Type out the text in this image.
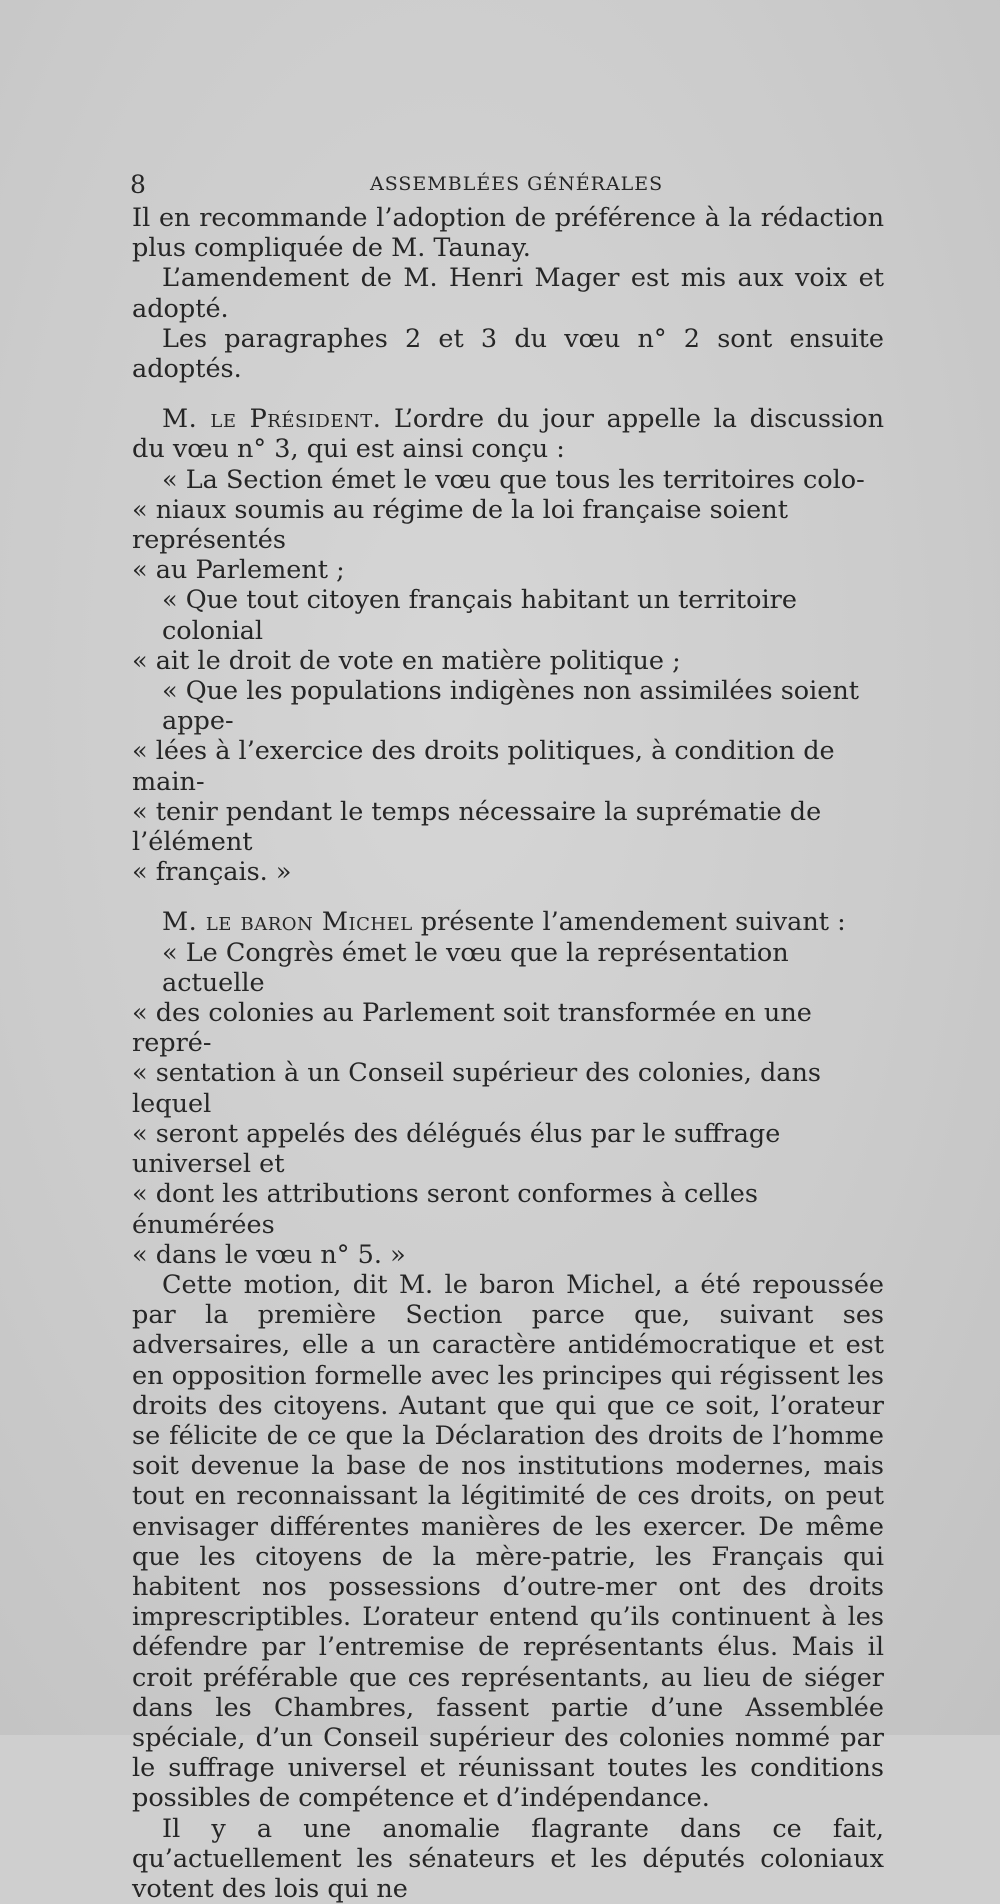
8	ASSEMBLÉES GÉNÉRALES

Il en recommande l’adoption de préférence à la rédaction plus compliquée de M. Taunay.

L’amendement de M. Henri Mager est mis aux voix et adopté.

Les paragraphes 2 et 3 du vœu n° 2 sont ensuite adoptés.

M. le Président. L’ordre du jour appelle la discussion du vœu n° 3, qui est ainsi conçu :

« La Section émet le vœu que tous les territoires colo-
« niaux soumis au régime de la loi française soient représentés
« au Parlement ;
« Que tout citoyen français habitant un territoire colonial
« ait le droit de vote en matière politique ;
« Que les populations indigènes non assimilées soient appe-
« lées à l’exercice des droits politiques, à condition de main-
« tenir pendant le temps nécessaire la suprématie de l’élément
« français. »

M. le baron Michel présente l’amendement suivant :

« Le Congrès émet le vœu que la représentation actuelle
« des colonies au Parlement soit transformée en une repré-
« sentation à un Conseil supérieur des colonies, dans lequel
« seront appelés des délégués élus par le suffrage universel et
« dont les attributions seront conformes à celles énumérées
« dans le vœu n° 5. »

Cette motion, dit M. le baron Michel, a été repoussée par la première Section parce que, suivant ses adversaires, elle a un caractère antidémocratique et est en opposition formelle avec les principes qui régissent les droits des citoyens. Autant que qui que ce soit, l’orateur se félicite de ce que la Déclaration des droits de l’homme soit devenue la base de nos institutions modernes, mais tout en reconnaissant la légitimité de ces droits, on peut envisager différentes manières de les exercer. De même que les citoyens de la mère-patrie, les Français qui habitent nos possessions d’outre-mer ont des droits imprescriptibles. L’orateur entend qu’ils continuent à les défendre par l’entremise de représentants élus. Mais il croit préférable que ces représentants, au lieu de siéger dans les Chambres, fassent partie d’une Assemblée spéciale, d’un Conseil supérieur des colonies nommé par le suffrage universel et réunissant toutes les conditions possibles de compétence et d’indépendance.

Il y a une anomalie flagrante dans ce fait, qu’actuellement les sénateurs et les députés coloniaux votent des lois qui ne
